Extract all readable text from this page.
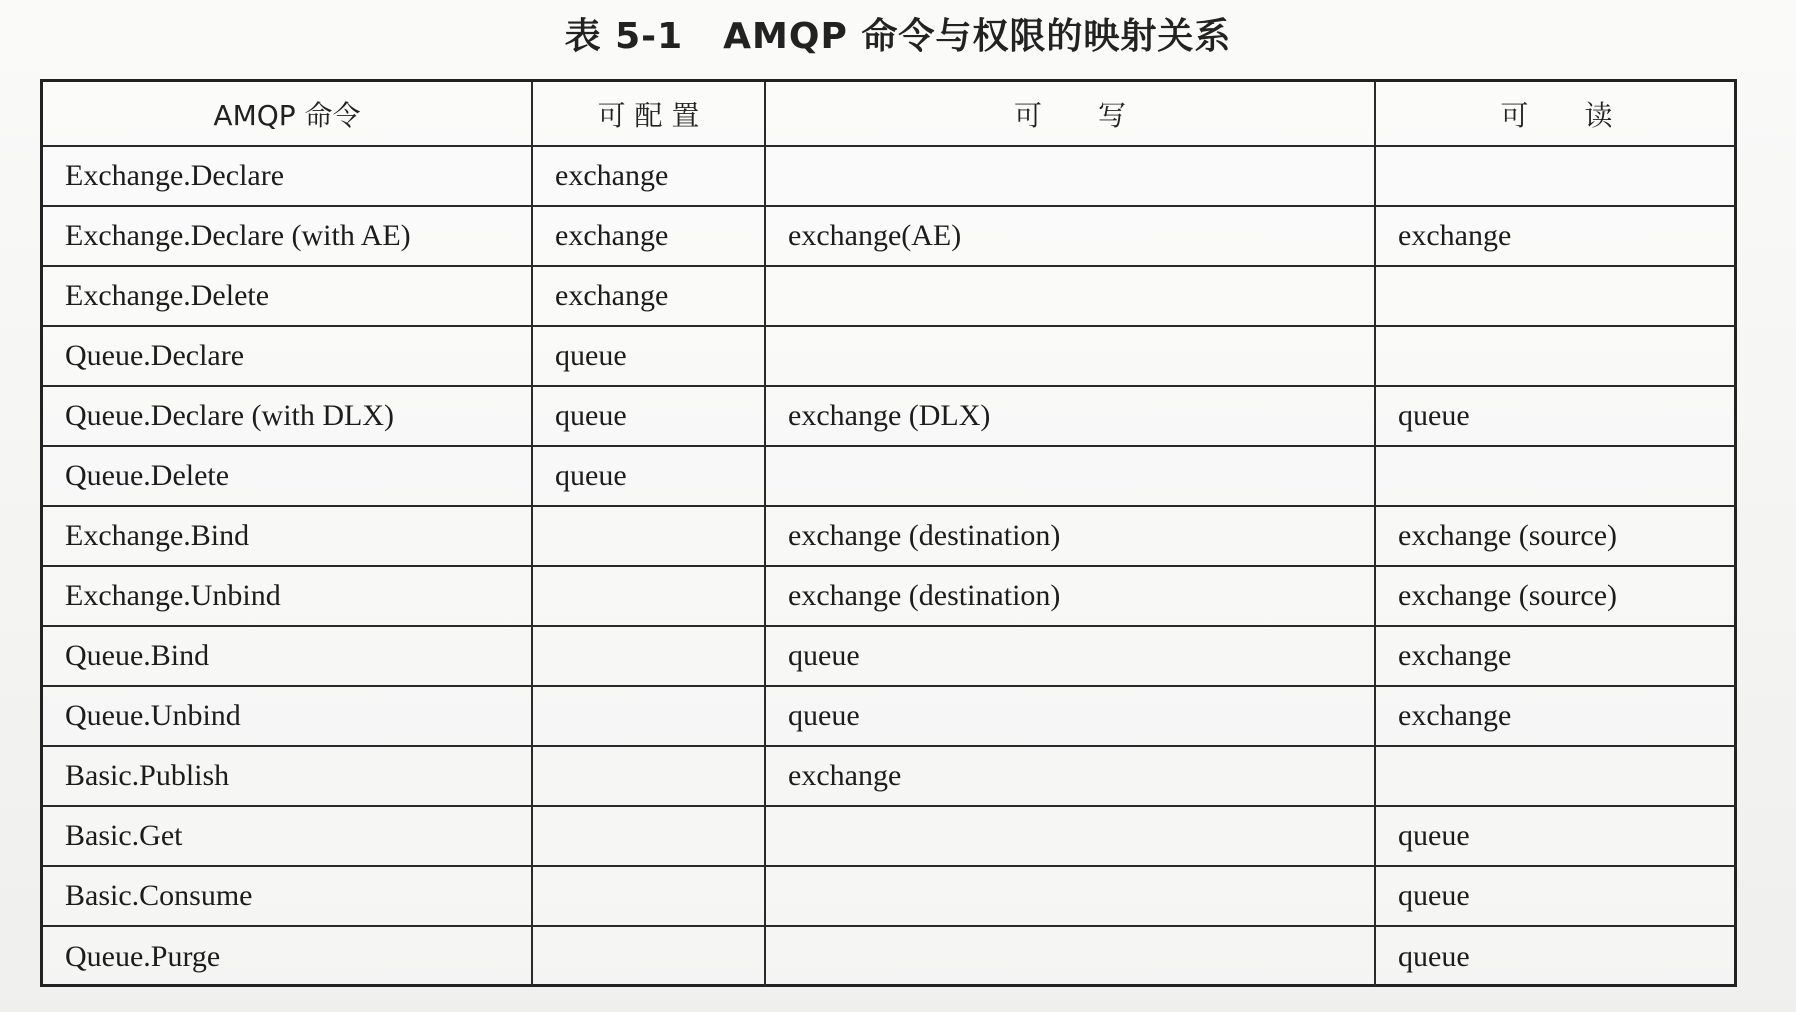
表 5-1 AMQP 命令与权限的映射关系
AMQP 命令	可 配 置	可　　写	可　　读
Exchange.Declare	exchange		
Exchange.Declare (with AE)	exchange	exchange(AE)	exchange
Exchange.Delete	exchange		
Queue.Declare	queue		
Queue.Declare (with DLX)	queue	exchange (DLX)	queue
Queue.Delete	queue		
Exchange.Bind		exchange (destination)	exchange (source)
Exchange.Unbind		exchange (destination)	exchange (source)
Queue.Bind		queue	exchange
Queue.Unbind		queue	exchange
Basic.Publish		exchange	
Basic.Get			queue
Basic.Consume			queue
Queue.Purge			queue
